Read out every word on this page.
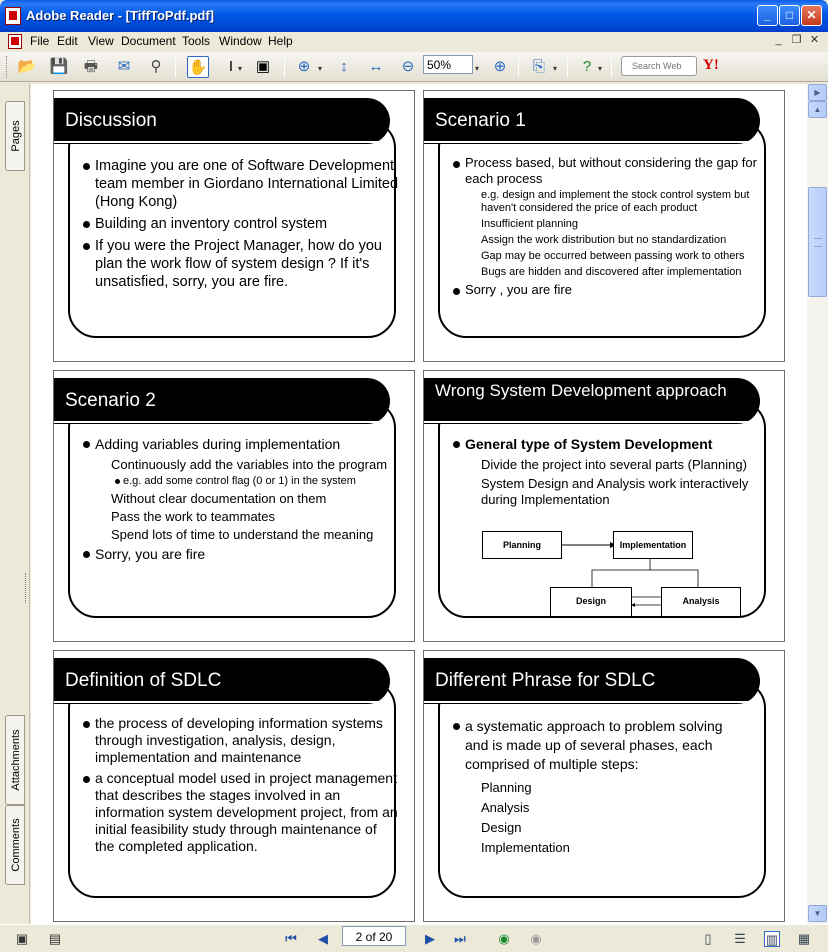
Adobe Reader - [TiffToPdf.pdf]	_	□	✕
File Edit View Document Tools Window Help	_ ❐ ✕
📂 💾 🖶	✉	⚲	✋	I ▾ ▣	⊕ ▾	↕	↔	⊖	▾ ⊕	⎘	▾	? ▾
50%
Search Web	Y!
Pages
Attachments
Comments
Discussion
Imagine you are one of Software Development team member in Giordano International Limited (Hong Kong)
Building an inventory control system
If you were the Project Manager, how do you plan the work flow of system design ? If it's unsatisfied, sorry, you are fire.
Scenario 1
Process based, but without considering the gap for each process
e.g. design and implement the stock control system but haven't considered the price of each product
Insufficient planning
Assign the work distribution but no standardization
Gap may be occurred between passing work to others
Bugs are hidden and discovered after implementation
Sorry , you are fire
Scenario 2
Adding variables during implementation
Continuously add the variables into the program
e.g. add some control flag (0 or 1) in the system
Without clear documentation on them
Pass the work to teammates
Spend lots of time to understand the meaning
Sorry, you are fire
Wrong System Development approach
General type of System Development
Divide the project into several parts (Planning)
System Design and Analysis work interactively during Implementation
Planning	Implementation
Design	Analysis
Definition of SDLC
the process of developing information systems through investigation, analysis, design, implementation and maintenance
a conceptual model used in project management that describes the stages involved in an information system development project, from an initial feasibility study through maintenance of the completed application.
Different Phrase for SDLC
a systematic approach to problem solving and is made up of several phases, each comprised of multiple steps:
Planning
Analysis
Design
Implementation
▶
▲
▼
▣ ▤	⏮ ◀	▶ ⏭ ◉ ◉	▯	☰ ▥ ▦
2 of 20
